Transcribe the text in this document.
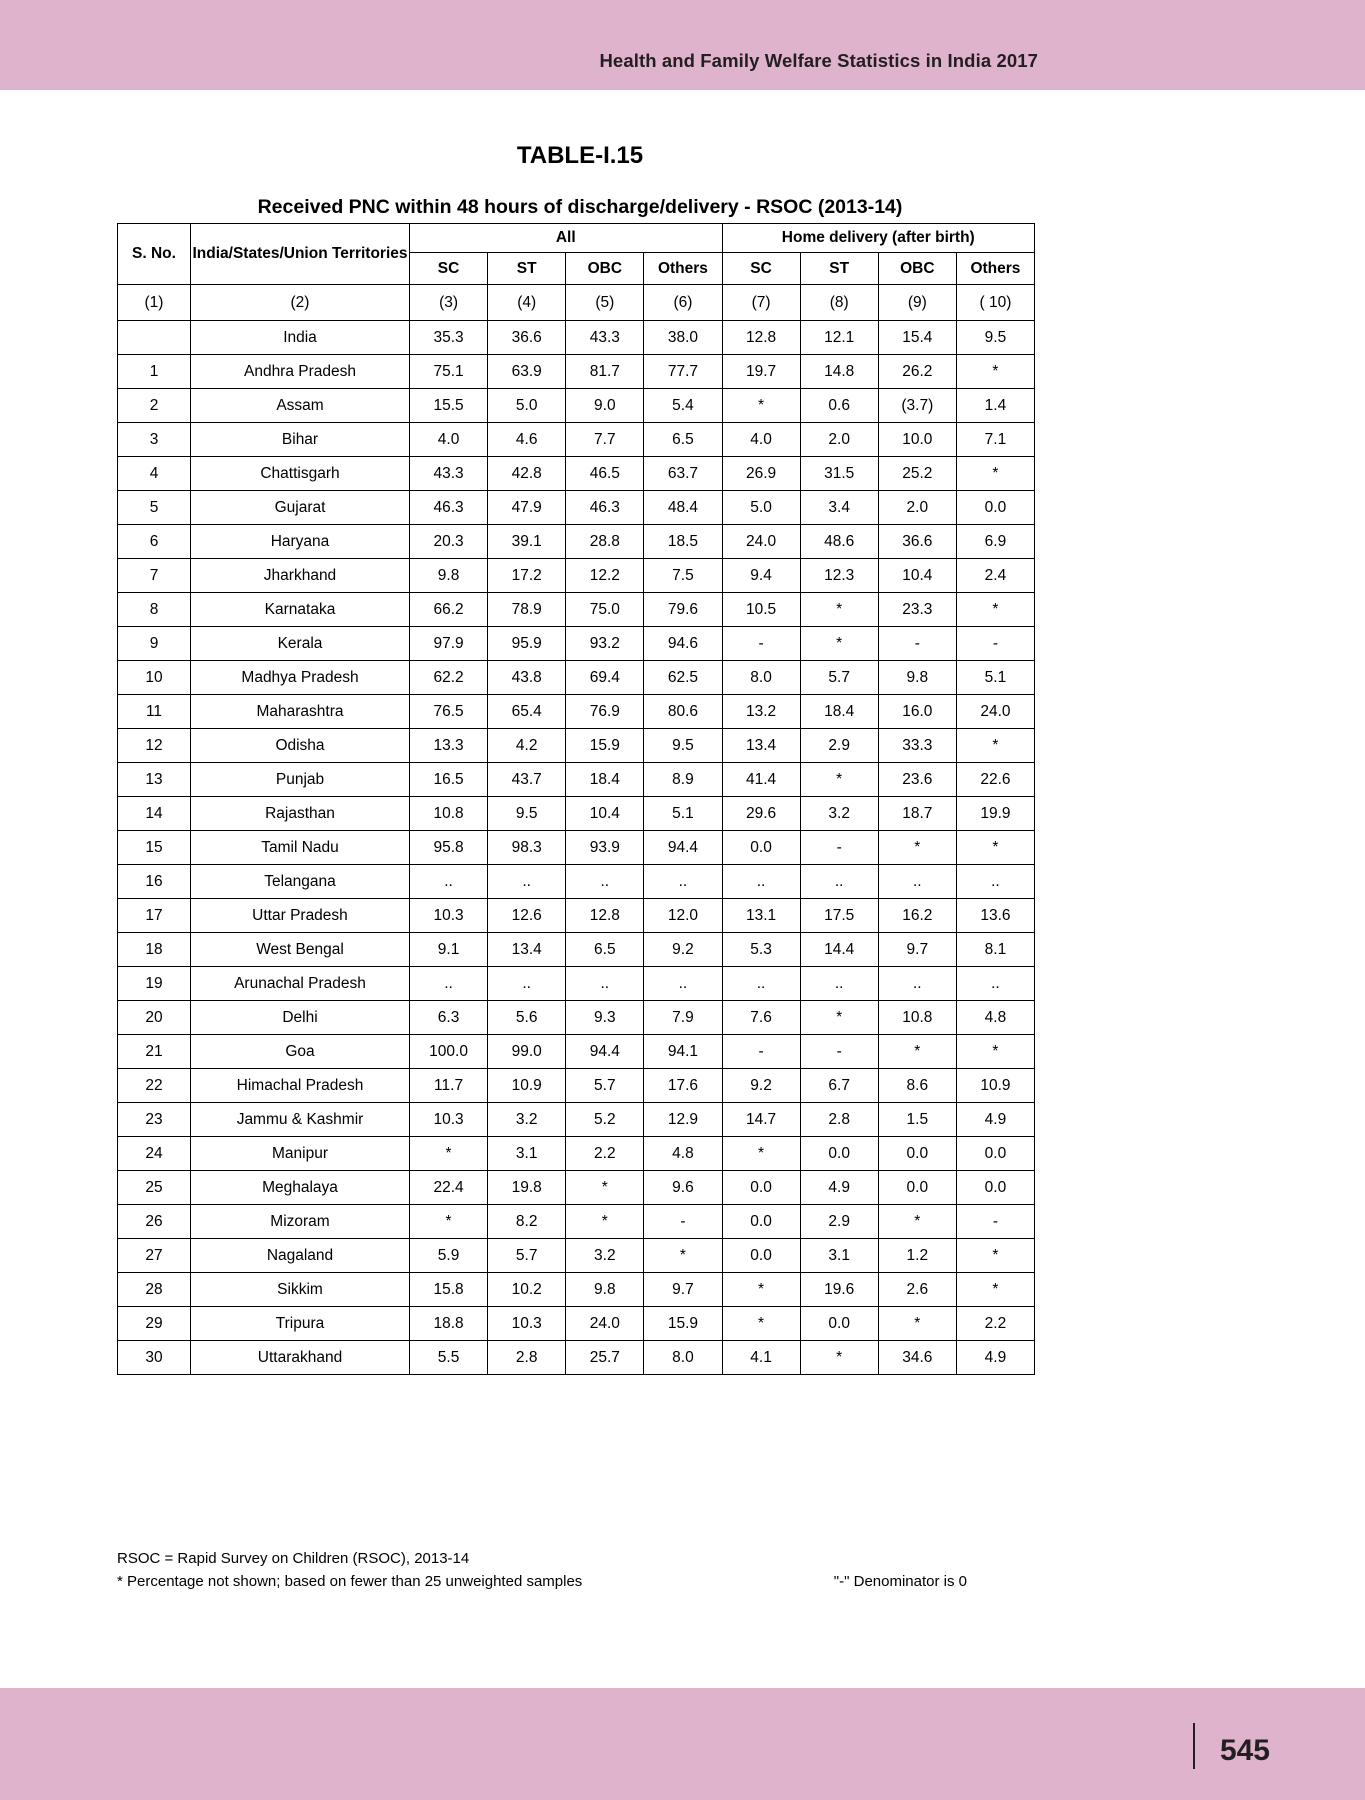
Health and Family Welfare Statistics in India 2017
545
TABLE-I.15
Received PNC within 48 hours of discharge/delivery - RSOC (2013-14)
S. No.	India/States/Union Territories	All				Home delivery (after birth)			
		SC	ST	OBC	Others	SC	ST	OBC	Others
(1)	(2)	(3)	(4)	(5)	(6)	(7)	(8)	(9)	( 10)
	India	35.3	36.6	43.3	38.0	12.8	12.1	15.4	9.5
1	Andhra Pradesh	75.1	63.9	81.7	77.7	19.7	14.8	26.2	*
2	Assam	15.5	5.0	9.0	5.4	*	0.6	(3.7)	1.4
3	Bihar	4.0	4.6	7.7	6.5	4.0	2.0	10.0	7.1
4	Chattisgarh	43.3	42.8	46.5	63.7	26.9	31.5	25.2	*
5	Gujarat	46.3	47.9	46.3	48.4	5.0	3.4	2.0	0.0
6	Haryana	20.3	39.1	28.8	18.5	24.0	48.6	36.6	6.9
7	Jharkhand	9.8	17.2	12.2	7.5	9.4	12.3	10.4	2.4
8	Karnataka	66.2	78.9	75.0	79.6	10.5	*	23.3	*
9	Kerala	97.9	95.9	93.2	94.6	-	*	-	-
10	Madhya Pradesh	62.2	43.8	69.4	62.5	8.0	5.7	9.8	5.1
11	Maharashtra	76.5	65.4	76.9	80.6	13.2	18.4	16.0	24.0
12	Odisha	13.3	4.2	15.9	9.5	13.4	2.9	33.3	*
13	Punjab	16.5	43.7	18.4	8.9	41.4	*	23.6	22.6
14	Rajasthan	10.8	9.5	10.4	5.1	29.6	3.2	18.7	19.9
15	Tamil Nadu	95.8	98.3	93.9	94.4	0.0	-	*	*
16	Telangana	..	..	..	..	..	..	..	..
17	Uttar Pradesh	10.3	12.6	12.8	12.0	13.1	17.5	16.2	13.6
18	West Bengal	9.1	13.4	6.5	9.2	5.3	14.4	9.7	8.1
19	Arunachal Pradesh	..	..	..	..	..	..	..	..
20	Delhi	6.3	5.6	9.3	7.9	7.6	*	10.8	4.8
21	Goa	100.0	99.0	94.4	94.1	-	-	*	*
22	Himachal Pradesh	11.7	10.9	5.7	17.6	9.2	6.7	8.6	10.9
23	Jammu & Kashmir	10.3	3.2	5.2	12.9	14.7	2.8	1.5	4.9
24	Manipur	*	3.1	2.2	4.8	*	0.0	0.0	0.0
25	Meghalaya	22.4	19.8	*	9.6	0.0	4.9	0.0	0.0
26	Mizoram	*	8.2	*	-	0.0	2.9	*	-
27	Nagaland	5.9	5.7	3.2	*	0.0	3.1	1.2	*
28	Sikkim	15.8	10.2	9.8	9.7	*	19.6	2.6	*
29	Tripura	18.8	10.3	24.0	15.9	*	0.0	*	2.2
30	Uttarakhand	5.5	2.8	25.7	8.0	4.1	*	34.6	4.9
RSOC = Rapid Survey on Children (RSOC), 2013-14
* Percentage not shown; based on fewer than 25 unweighted samples	"-" Denominator is 0
